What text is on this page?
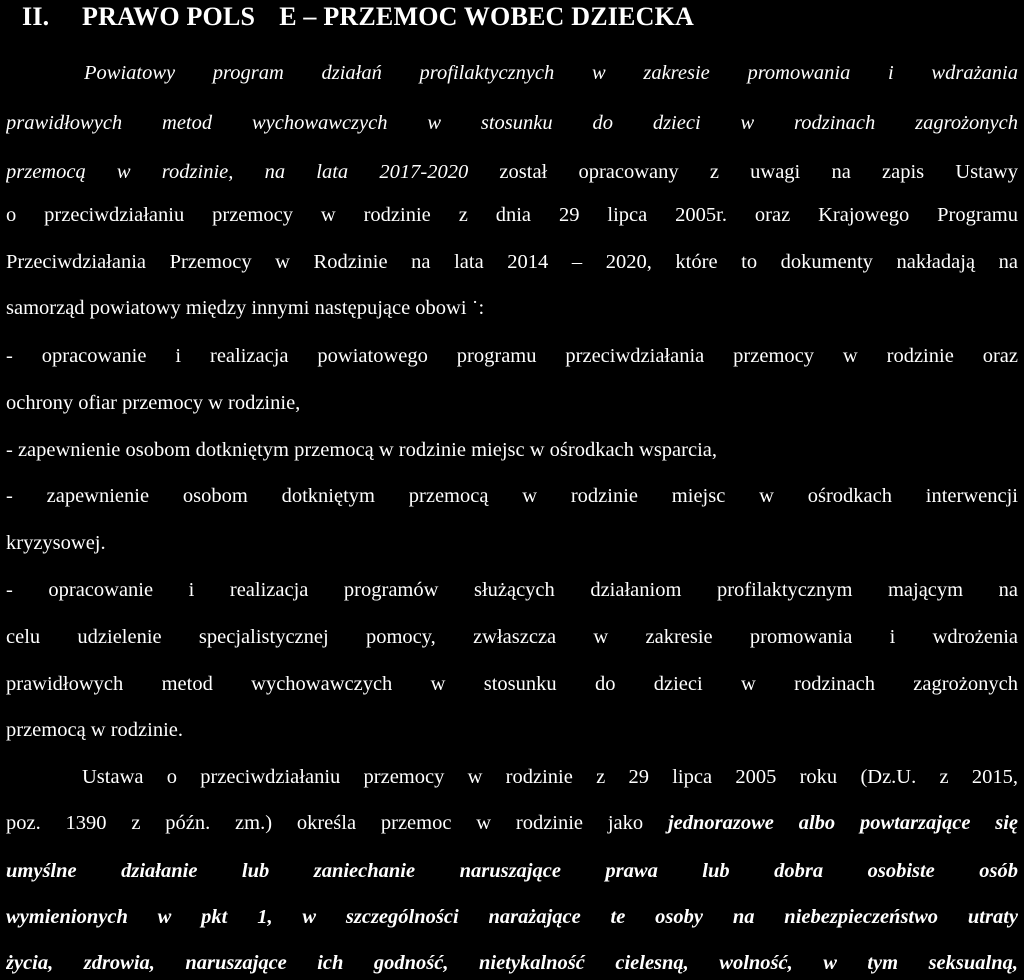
II. PRAWO POLS E – PRZEMOC WOBEC DZIECKA
Powiatowy program działań profilaktycznych w zakresie promowania i wdrażania
prawidłowych metod wychowawczych w stosunku do dzieci w rodzinach zagrożonych
przemocą w rodzinie, na lata 2017-2020 został opracowany z uwagi na zapis Ustawy
o przeciwdziałaniu przemocy w rodzinie z dnia 29 lipca 2005r. oraz Krajowego Programu
Przeciwdziałania Przemocy w Rodzinie na lata 2014 – 2020, które to dokumenty nakładają na
samorząd powiatowy między innymi następujące obowi ˙:
- opracowanie i realizacja powiatowego programu przeciwdziałania przemocy w rodzinie oraz
ochrony ofiar przemocy w rodzinie,
- zapewnienie osobom dotkniętym przemocą w rodzinie miejsc w ośrodkach wsparcia,
- zapewnienie osobom dotkniętym przemocą w rodzinie miejsc w ośrodkach interwencji
kryzysowej.
- opracowanie i realizacja programów służących działaniom profilaktycznym mającym na
celu udzielenie specjalistycznej pomocy, zwłaszcza w zakresie promowania i wdrożenia
prawidłowych metod wychowawczych w stosunku do dzieci w rodzinach zagrożonych
przemocą w rodzinie.
Ustawa o przeciwdziałaniu przemocy w rodzinie z 29 lipca 2005 roku (Dz.U. z 2015,
poz. 1390 z późn. zm.) określa przemoc w rodzinie jako jednorazowe albo powtarzające się
umyślne działanie lub zaniechanie naruszające prawa lub dobra osobiste osób
wymienionych w pkt 1, w szczególności narażające te osoby na niebezpieczeństwo utraty
życia, zdrowia, naruszające ich godność, nietykalność cielesną, wolność, w tym seksualną,
